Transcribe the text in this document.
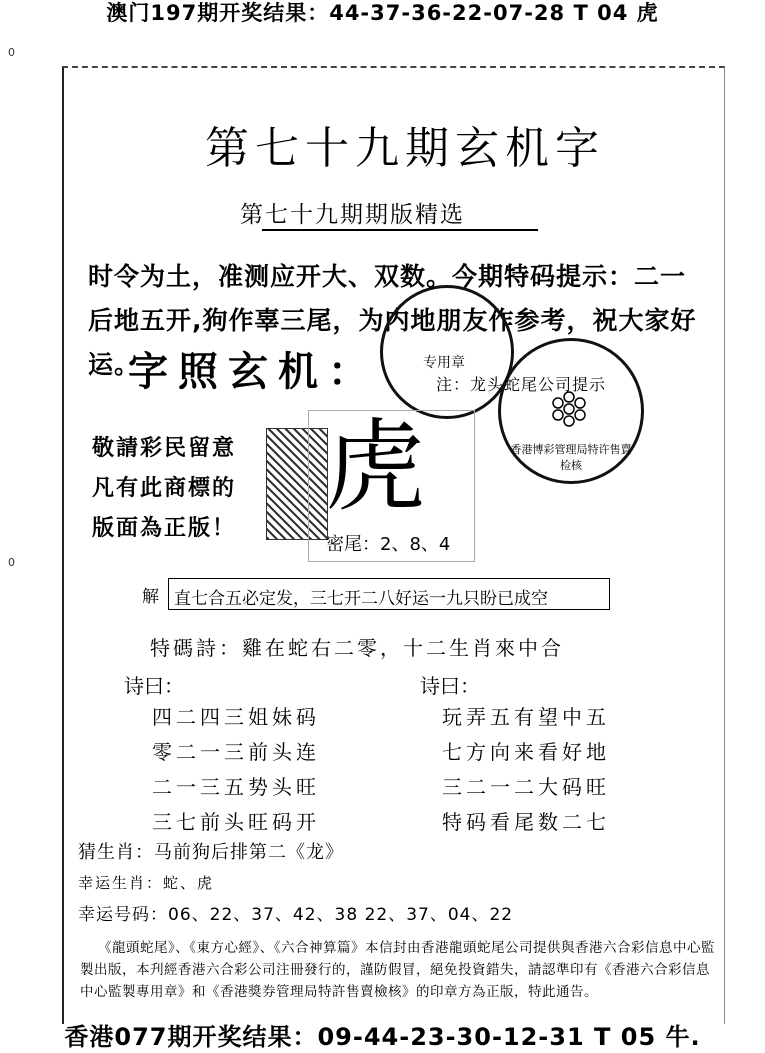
澳门197期开奖结果：44-37-36-22-07-28 T 04 虎
0
0
第七十九期玄机字
第七十九期期版精选
时令为土，准测应开大、双数。今期特码提示：二一后地五开,狗作辜三尾，为内地朋友作参考，祝大家好运。
字照玄机：	专用章
香港博彩管理局特许售賣检核
注：龙头蛇尾公司提示
敬請彩民留意
凡有此商標的
版面為正版！
虎
密尾：2、8、4
解 直七合五必定发，三七开二八好运一九只盼已成空
特碼詩：雞在蛇右二零，十二生肖來中合
诗曰：
四二四三姐妹码
零二一三前头连
二一三五势头旺
三七前头旺码开
诗曰：
玩弄五有望中五
七方向来看好地
三二一二大码旺
特码看尾数二七
猜生肖：马前狗后排第二《龙》
幸运生肖：蛇、虎
幸运号码：06、22、37、42、38 22、37、04、22
《龍頭蛇尾》、《東方心經》、《六合神算篇》本信封由香港龍頭蛇尾公司提供與香港六合彩信息中心監製出版，本刋經香港六合彩公司注冊發行的，謹防假冒，絕免投資錯失，請認準印有《香港六合彩信息中心監製專用章》和《香港獎券管理局特許售賣檢核》的印章方為正版，特此通告。
香港077期开奖结果：09-44-23-30-12-31 T 05 牛.
